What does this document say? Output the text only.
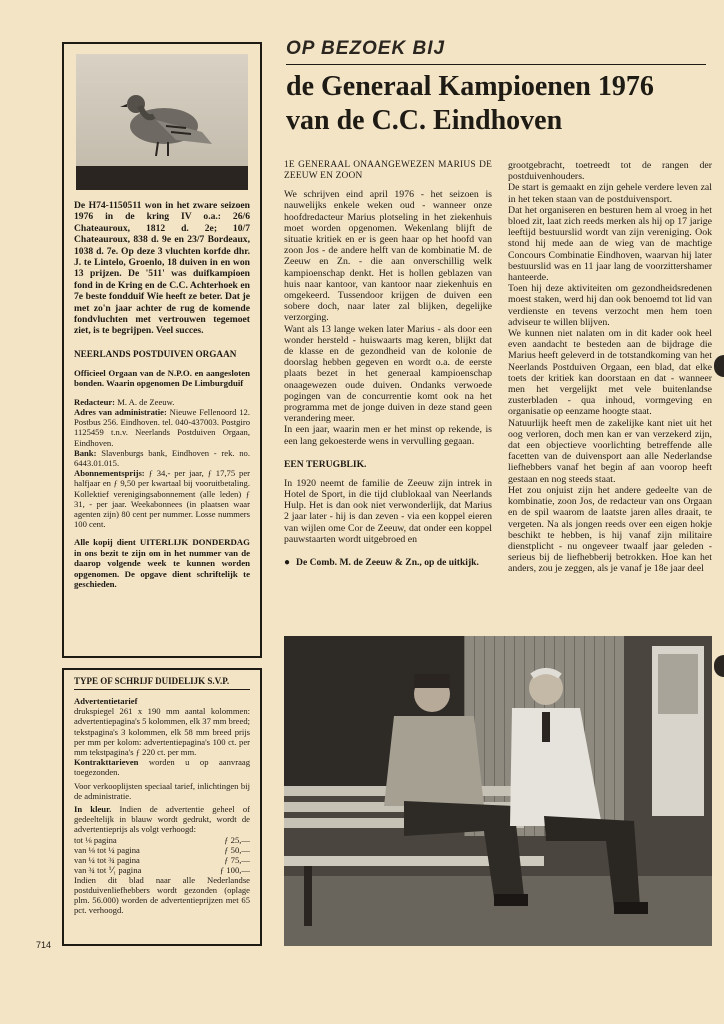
De H74-1150511 won in het zware seizoen 1976 in de kring IV o.a.: 26/6 Chateauroux, 1812 d. 2e; 10/7 Chateauroux, 838 d. 9e en 23/7 Bordeaux, 1038 d. 7e. Op deze 3 vluchten korfde dhr. J. te Lintelo, Groenlo, 18 duiven in en won 13 prijzen. De '511' was duifkampioen fond in de Kring en de C.C. Achterhoek en 7e beste fondduif Wie heeft ze beter. Dat je met zo'n jaar achter de rug de komende fondvluchten met vertrouwen tegemoet ziet, is te begrijpen. Veel succes.
NEERLANDS POSTDUIVEN ORGAAN
Officieel Orgaan van de N.P.O. en aangesloten bonden. Waarin opgenomen De Limburgduif
Redacteur: M. A. de Zeeuw.
Adres van administratie: Nieuwe Fellenoord 12. Postbus 256. Eindhoven. tel. 040-437003. Postgiro 1125459 t.n.v. Neerlands Postduiven Orgaan, Eindhoven.
Bank: Slavenburgs bank, Eindhoven - rek. no. 6443.01.015.
Abonnementsprijs: ƒ 34,- per jaar, ƒ 17,75 per halfjaar en ƒ 9,50 per kwartaal bij vooruitbetaling. Kollektief verenigingsabonnement (alle leden) ƒ 31, - per jaar. Weekabonnees (in plaatsen waar agenten zijn) 80 cent per nummer. Losse nummers 100 cent.
Alle kopij dient UITERLIJK DONDERDAG in ons bezit te zijn om in het nummer van de daarop volgende week te kunnen worden opgenomen. De opgave dient schriftelijk te geschieden.
TYPE OF SCHRIJF DUIDELIJK S.V.P.
Advertentietarief
drukspiegel 261 x 190 mm aantal kolommen: advertentiepagina's 5 kolommen, elk 37 mm breed; tekstpagina's 3 kolommen, elk 58 mm breed prijs per mm per kolom: advertentiepagina's 100 ct. per mm tekstpagina's ƒ 220 ct. per mm.
Kontrakttarieven worden u op aanvraag toegezonden.
Voor verkooplijsten speciaal tarief, inlichtingen bij de administratie.
In kleur. Indien de advertentie geheel of gedeeltelijk in blauw wordt gedrukt, wordt de advertentieprijs als volgt verhoogd:
tot ⅛ pagina	ƒ 25,—
van ⅛ tot ¼ pagina	ƒ 50,—
van ¼ tot ¾ pagina	ƒ 75,—
van ¾ tot ⅟₁ pagina	ƒ 100,—
Indien dit blad naar alle Nederlandse postduivenliefhebbers wordt gezonden (oplage plm. 56.000) worden de advertentieprijzen met 65 pct. verhoogd.
714
OP BEZOEK BIJ
de Generaal Kampioenen 1976
van de C.C. Eindhoven
1E GENERAAL ONAANGEWEZEN MARIUS DE ZEEUW EN ZOON

We schrijven eind april 1976 - het seizoen is nauwelijks enkele weken oud - wanneer onze hoofdredacteur Marius plotseling in het ziekenhuis moet worden opgenomen. Wekenlang blijft de situatie kritiek en er is geen haar op het hoofd van zoon Jos - de andere helft van de kombinatie M. de Zeeuw en Zn. - die aan onverschillig welk kampioenschap denkt. Het is hollen geblazen van huis naar kantoor, van kantoor naar ziekenhuis en omgekeerd. Tussendoor krijgen de duiven een sobere doch, naar later zal blijken, degelijke verzorging.

Want als 13 lange weken later Marius - als door een wonder hersteld - huiswaarts mag keren, blijkt dat de klasse en de gezondheid van de kolonie de doorslag hebben gegeven en wordt o.a. de eerste plaats bezet in het generaal kampioenschap onaagewezen oude duiven. Ondanks verwoede pogingen van de concurrentie komt ook na het programma met de jonge duiven in deze stand geen verandering meer.

In een jaar, waarin men er het minst op rekende, is een lang gekoesterde wens in vervulling gegaan.

EEN TERUGBLIK.

In 1920 neemt de familie de Zeeuw zijn intrek in Hotel de Sport, in die tijd clublokaal van Neerlands Hulp. Het is dan ook niet verwonderlijk, dat Marius 2 jaar later - hij is dan zeven - via een koppel eieren van wijlen ome Cor de Zeeuw, dat onder een koppel pauwstaarten wordt uitgebroed en

● De Comb. M. de Zeeuw & Zn., op de uitkijk.

grootgebracht, toetreedt tot de rangen der postduivenhouders.

De start is gemaakt en zijn gehele verdere leven zal in het teken staan van de postduivensport.

Dat het organiseren en besturen hem al vroeg in het bloed zit, laat zich reeds merken als hij op 17 jarige leeftijd bestuurslid wordt van zijn vereniging. Ook stond hij mede aan de wieg van de machtige Concours Combinatie Eindhoven, waarvan hij later bestuurslid was en 11 jaar lang de voorzittershamer hanteerde.

Toen hij deze aktiviteiten om gezondheidsredenen moest staken, werd hij dan ook benoemd tot lid van verdienste en tevens verzocht men hem toen adviseur te willen blijven.

We kunnen niet nalaten om in dit kader ook heel even aandacht te besteden aan de bijdrage die Marius heeft geleverd in de totstandkoming van het Neerlands Postduiven Orgaan, een blad, dat elke toets der kritiek kan doorstaan en dat - wanneer men het vergelijkt met vele buitenlandse zusterbladen - qua inhoud, vormgeving en organisatie op eenzame hoogte staat.

Natuurlijk heeft men de zakelijke kant niet uit het oog verloren, doch men kan er van verzekerd zijn, dat een objectieve voorlichting betreffende alle facetten van de duivensport aan alle Nederlandse liefhebbers vanaf het begin af aan voorop heeft gestaan en nog steeds staat.

Het zou onjuist zijn het andere gedeelte van de kombinatie, zoon Jos, de redacteur van ons Orgaan en de spil waarom de laatste jaren alles draait, te vergeten. Na als jongen reeds over een eigen hokje beschikt te hebben, is hij vanaf zijn militaire dienstplicht - nu ongeveer twaalf jaar geleden - serieus bij de liefhebberij betrokken. Hoe kan het anders, zou je zeggen, als je vanaf je 18e jaar deel
